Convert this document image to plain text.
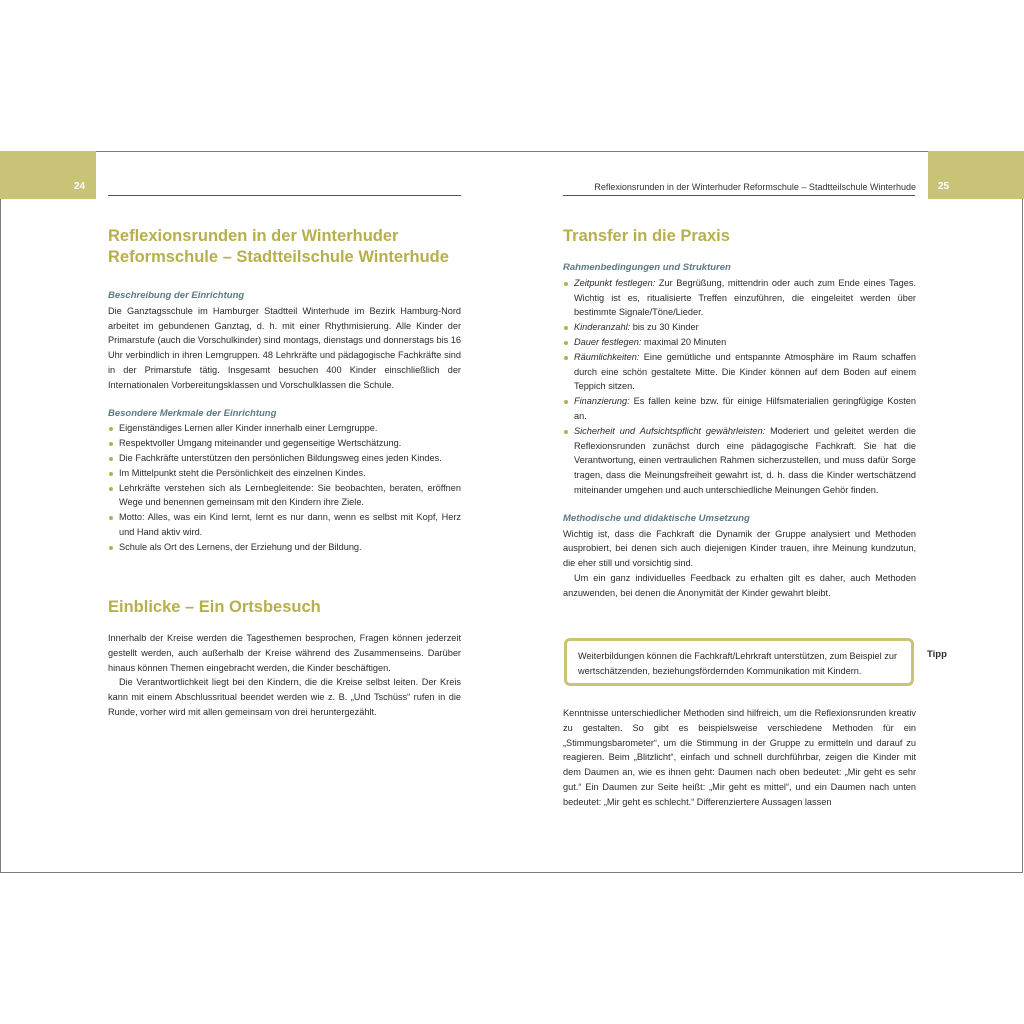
24	25
Reflexionsrunden in der Winterhuder Reformschule – Stadtteilschule Winterhude
Reflexionsrunden in der Winterhuder Reformschule – Stadtteilschule Winterhude
Beschreibung der Einrichtung

Die Ganztagsschule im Hamburger Stadtteil Winterhude im Bezirk Hamburg-Nord arbeitet im gebundenen Ganztag, d. h. mit einer Rhythmisierung. Alle Kinder der Primarstufe (auch die Vorschulkinder) sind montags, dienstags und donnerstags bis 16 Uhr verbindlich in ihren Lerngruppen. 48 Lehrkräfte und pädagogische Fachkräfte sind in der Primarstufe tätig. Insgesamt besuchen 400 Kinder einschließlich der Internationalen Vorbereitungsklassen und Vorschulklassen die Schule.

Besondere Merkmale der Einrichtung
Eigenständiges Lernen aller Kinder innerhalb einer Lerngruppe.
Respektvoller Umgang miteinander und gegenseitige Wertschätzung.
Die Fachkräfte unterstützen den persönlichen Bildungsweg eines jeden Kindes.
Im Mittelpunkt steht die Persönlichkeit des einzelnen Kindes.
Lehrkräfte verstehen sich als Lernbegleitende: Sie beobachten, beraten, eröffnen Wege und benennen gemeinsam mit den Kindern ihre Ziele.
Motto: Alles, was ein Kind lernt, lernt es nur dann, wenn es selbst mit Kopf, Herz und Hand aktiv wird.
Schule als Ort des Lernens, der Erziehung und der Bildung.
Einblicke – Ein Ortsbesuch

Innerhalb der Kreise werden die Tagesthemen besprochen, Fragen können jederzeit gestellt werden, auch außerhalb der Kreise während des Zusammenseins. Darüber hinaus können Themen eingebracht werden, die Kinder beschäftigen.

Die Verantwortlichkeit liegt bei den Kindern, die die Kreise selbst leiten. Der Kreis kann mit einem Abschlussritual beendet werden wie z. B. „Und Tschüss“ rufen in die Runde, vorher wird mit allen gemeinsam von drei heruntergezählt.

Transfer in die Praxis
Rahmenbedingungen und Strukturen
Zeitpunkt festlegen: Zur Begrüßung, mittendrin oder auch zum Ende eines Tages. Wichtig ist es, ritualisierte Treffen einzuführen, die eingeleitet werden über bestimmte Signale/Töne/Lieder.
Kinderanzahl: bis zu 30 Kinder
Dauer festlegen: maximal 20 Minuten
Räumlichkeiten: Eine gemütliche und entspannte Atmosphäre im Raum schaffen durch eine schön gestaltete Mitte. Die Kinder können auf dem Boden auf einem Teppich sitzen.
Finanzierung: Es fallen keine bzw. für einige Hilfsmaterialien geringfügige Kosten an.
Sicherheit und Aufsichtspflicht gewährleisten: Moderiert und geleitet werden die Reflexionsrunden zunächst durch eine pädagogische Fachkraft. Sie hat die Verantwortung, einen vertraulichen Rahmen sicherzustellen, und muss dafür Sorge tragen, dass die Meinungsfreiheit gewahrt ist, d. h. dass die Kinder wertschätzend miteinander umgehen und auch unterschiedliche Meinungen Gehör finden.
Methodische und didaktische Umsetzung

Wichtig ist, dass die Fachkraft die Dynamik der Gruppe analysiert und Methoden ausprobiert, bei denen sich auch diejenigen Kinder trauen, ihre Meinung kundzutun, die eher still und vorsichtig sind.

Um ein ganz individuelles Feedback zu erhalten gilt es daher, auch Methoden anzuwenden, bei denen die Anonymität der Kinder gewahrt bleibt.

Weiterbildungen können die Fachkraft/Lehrkraft unterstützen, zum Beispiel zur wertschätzenden, beziehungsfördernden Kommunikation mit Kindern.
Tipp

Kenntnisse unterschiedlicher Methoden sind hilfreich, um die Reflexionsrunden kreativ zu gestalten. So gibt es beispielsweise verschiedene Methoden für ein „Stimmungsbarometer“, um die Stimmung in der Gruppe zu ermitteln und darauf zu reagieren. Beim „Blitzlicht“, einfach und schnell durchführbar, zeigen die Kinder mit dem Daumen an, wie es ihnen geht: Daumen nach oben bedeutet: „Mir geht es sehr gut.“ Ein Daumen zur Seite heißt: „Mir geht es mittel“, und ein Daumen nach unten bedeutet: „Mir geht es schlecht.“ Differenziertere Aussagen lassen
